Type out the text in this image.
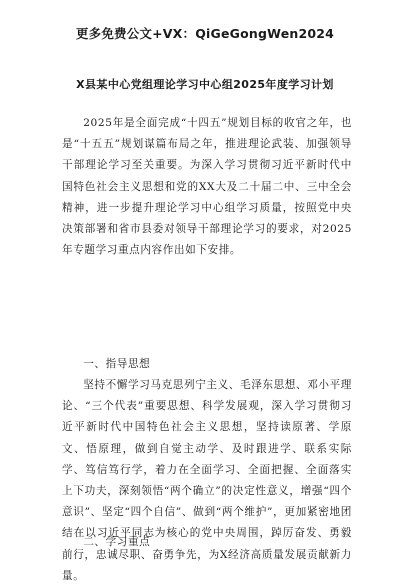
更多免费公文+VX：QiGeGongWen2024
X县某中心党组理论学习中心组2025年度学习计划

2025年是全面完成“十四五”规划目标的收官之年，也是“十五五”规划谋篇布局之年，推进理论武装、加强领导干部理论学习至关重要。为深入学习贯彻习近平新时代中国特色社会主义思想和党的XX大及二十届二中、三中全会精神，进一步提升理论学习中心组学习质量，按照党中央决策部署和省市县委对领导干部理论学习的要求，对2025年专题学习重点内容作出如下安排。

一、指导思想

坚持不懈学习马克思列宁主义、毛泽东思想、邓小平理论、“三个代表”重要思想、科学发展观，深入学习贯彻习近平新时代中国特色社会主义思想，坚持读原著、学原文、悟原理，做到自觉主动学、及时跟进学、联系实际学、笃信笃行学，着力在全面学习、全面把握、全面落实上下功夫，深刻领悟“两个确立”的决定性意义，增强“四个意识”、坚定“四个自信”、做到“两个维护”，更加紧密地团结在以习近平同志为核心的党中央周围，踔厉奋发、勇毅前行，忠诚尽职、奋勇争先，为X经济高质量发展贡献新力量。

二、学习重点
